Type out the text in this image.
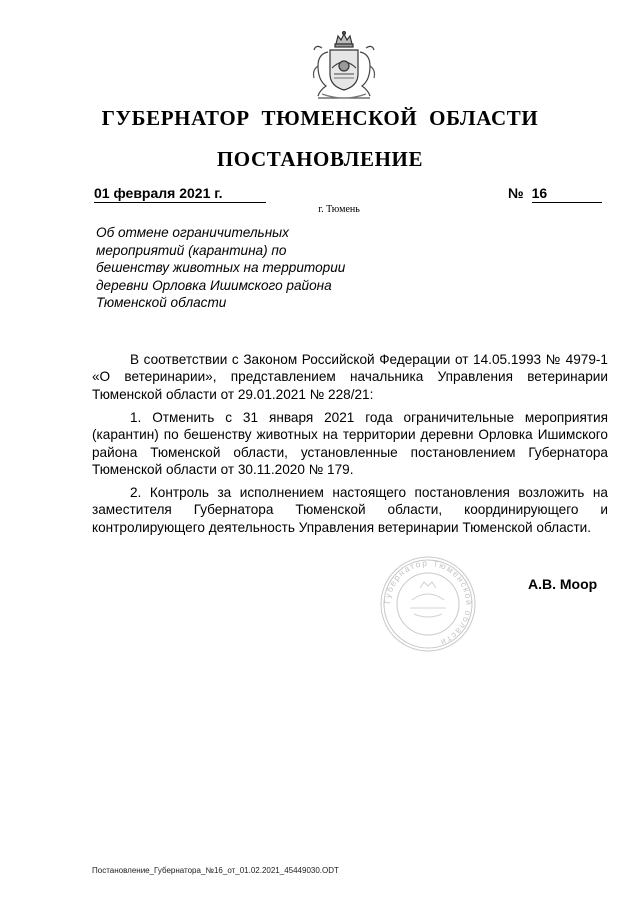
ГУБЕРНАТОР ТЮМЕНСКОЙ ОБЛАСТИ
ПОСТАНОВЛЕНИЕ
01 февраля 2021 г.	№ 16
г. Тюмень
Об отмене ограничительных
мероприятий (карантина) по
бешенству животных на территории
деревни Орловка Ишимского района
Тюменской области

В соответствии с Законом Российской Федерации от 14.05.1993 № 4979-1 «О ветеринарии», представлением начальника Управления ветеринарии Тюменской области от 29.01.2021 № 228/21:

1. Отменить с 31 января 2021 года ограничительные мероприятия (карантин) по бешенству животных на территории деревни Орловка Ишимского района Тюменской области, установленные постановлением Губернатора Тюменской области от 30.11.2020 № 179.

2. Контроль за исполнением настоящего постановления возложить на заместителя Губернатора Тюменской области, координирующего и контролирующего деятельность Управления ветеринарии Тюменской области.

Губернатор Тюменской области
А.В. Моор
Постановление_Губернатора_№16_от_01.02.2021_45449030.ODT
